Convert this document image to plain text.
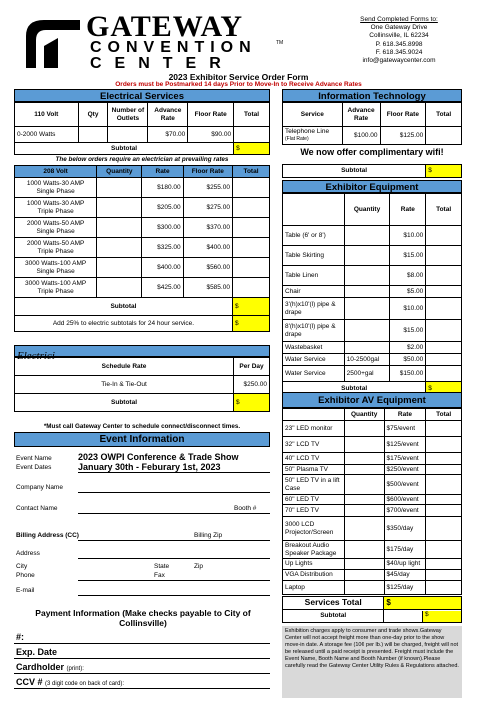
GATEWAY	TM
CONVENTION
CENTER
Send Completed Forms to:
One Gateway Drive
Collinsville, IL 62234
P. 618.345.8998
F. 618.345.9024
info@gatewaycenter.com
2023 Exhibitor Service Order Form
Orders must be Postmarked 14 days Prior to Move-In to Receive Advance Rates
Electrical Services
110 Volt	Qty	Number of Outlets	Advance Rate	Floor Rate	Total
0-2000 Watts			$70.00	$90.00	
Subtotal					$
The below orders require an electrician at prevailing rates
208 Volt	Quantity	Rate	Floor Rate	Total

1000 Watts-30 AMP
Single Phase		$180.00	$255.00	

1000 Watts-30 AMP
Triple Phase		$205.00	$275.00	

2000 Watts-50 AMP
Single Phase		$300.00	$370.00	

2000 Watts-50 AMP
Triple Phase		$325.00	$400.00	

3000 Watts-100 AMP
Single Phase		$400.00	$560.00	

3000 Watts-100 AMP
Triple Phase		$425.00	$585.00	
Subtotal				$
Add 25% to electric subtotals for 24 hour service.				$
Electrici
Schedule Rate	Per Day
Tie-In & Tie-Out	$250.00
Subtotal	$
*Must call Gateway Center to schedule connect/disconnect times.
Event Information
Event Name	2023 OWPI Conference & Trade Show
Event Dates	January 30th - Feburary 1st, 2023
Company Name
Contact Name	Booth #
Billing Address (CC)	Billing Zip
Address
City	State	Zip
Phone	Fax
E-mail
Payment Information (Make checks payable to City of Collinsville)
#:
Exp. Date
Cardholder (print):
CCV # (3 digit code on back of card):
Information Technology
Service	Advance Rate	Floor Rate	Total

Telephone Line
(Flat Rate)	$100.00	$125.00	
We now offer complimentary wifi!
Subtotal	$
Exhibitor Equipment
	Quantity	Rate	Total
Table (6' or 8')		$10.00	
Table Skirting		$15.00	
Table Linen		$8.00	
Chair		$5.00	
3'(h)x10'(l) pipe & drape		$10.00	
8'(h)x10'(l) pipe & drape		$15.00	
Wastebasket		$2.00	
Water Service	10-2500gal	$50.00	
Water Service	2500+gal	$150.00	
Subtotal			$
Exhibitor AV Equipment
	Quantity	Rate	Total
23" LED monitor		$75/event	
32" LCD TV		$125/event	
40" LCD TV		$175/event	
50" Plasma TV		$250/event	
50" LED TV in a lift Case		$500/event	
60" LED TV		$600/event	
70" LED TV		$700/event	
3000 LCD Projector/Screen		$350/day	
Breakout Audio Speaker Package		$175/day	
Up Lights		$40/up light	
VGA Distribution		$45/day	
Laptop		$125/day	
Services Total	$
Subtotal	$
Exhibition charges apply to consumer and trade shows.Gateway Center will not accept freight more than one-day prior to the show move-in date. A storage fee (10¢ per lb.) will be charged, freight will not be released until a paid receipt is presented. Freight must include the Event Name, Booth Name and Booth Number (if known).Please carefully read the Gateway Center Utility Rules & Regulations attached.
